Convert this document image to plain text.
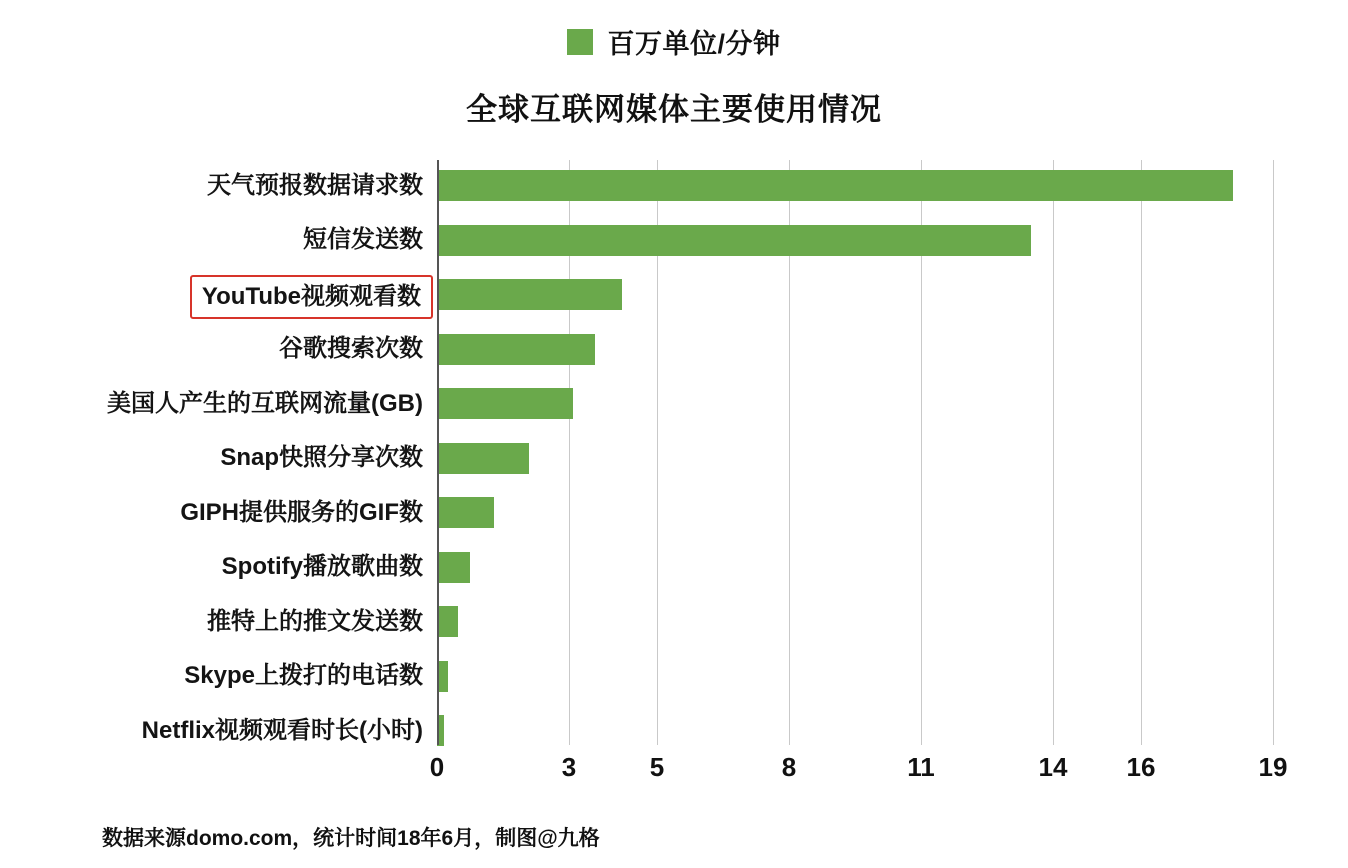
百万单位/分钟
全球互联网媒体主要使用情况
天气预报数据请求数
短信发送数
YouTube视频观看数
谷歌搜索次数
美国人产生的互联网流量(GB)
Snap快照分享次数
GIPH提供服务的GIF数
Spotify播放歌曲数
推特上的推文发送数
Skype上拨打的电话数
Netflix视频观看时长(小时)
0	3	5	8	11	14 16	19
数据来源domo.com，统计时间18年6月，制图@九格
